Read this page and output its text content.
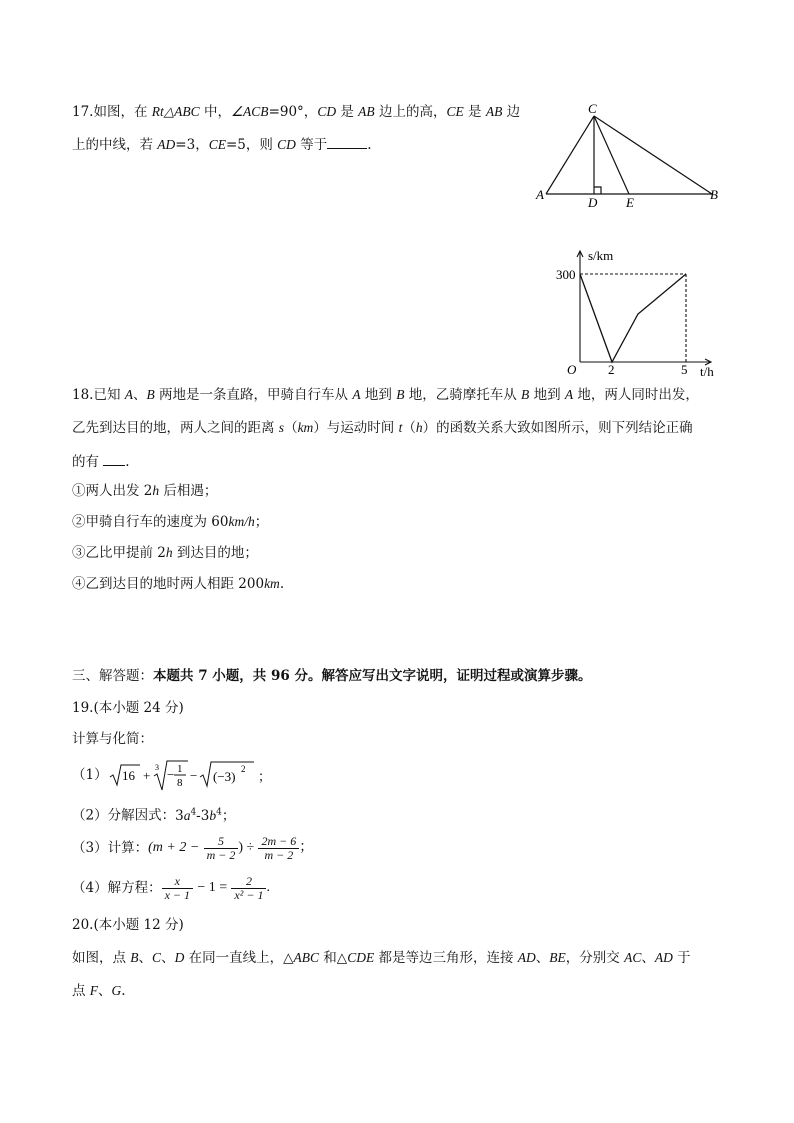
17.如图，在 Rt△ABC 中，∠ACB=90°，CD 是 AB 边上的高，CE 是 AB 边
上的中线，若 AD=3，CE=5，则 CD 等于	.
C
A
D E
B
s/km
300
O 2	5 t/h
18.已知 A、B 两地是一条直路，甲骑自行车从 A 地到 B 地，乙骑摩托车从 B 地到 A 地，两人同时出发，
乙先到达目的地，两人之间的距离 s（km）与运动时间 t（h）的函数关系大致如图所示，则下列结论正确
的有 .
①两人出发 2h 后相遇；
②甲骑自行车的速度为 60km/h；
③乙比甲提前 2h 到达目的地；
④乙到达目的地时两人相距 200km.
三、解答题：本题共 7 小题，共 96 分。解答应写出文字说明，证明过程或演算步骤。
19.(本小题 24 分)
计算与化简：
（1） 16 +
3 − 1
8 − (−3) 2 ；
（2）分解因式：$3a^4-3b^4$；
（3）计算： (m + 2 −
$\frac{5}{m - 2}$ ) ÷
$\frac{2m - 6}{m - 2}$ ；
（4）解方程： $\frac{x}{x - 1}$
− 1 =
$\frac{2}{\text{x² − 1}}$ .
20.(本小题 12 分)
如图，点 B、C、D 在同一直线上，△ABC 和△CDE 都是等边三角形，连接 AD、BE，分别交 AC、AD 于
点 F、G.
